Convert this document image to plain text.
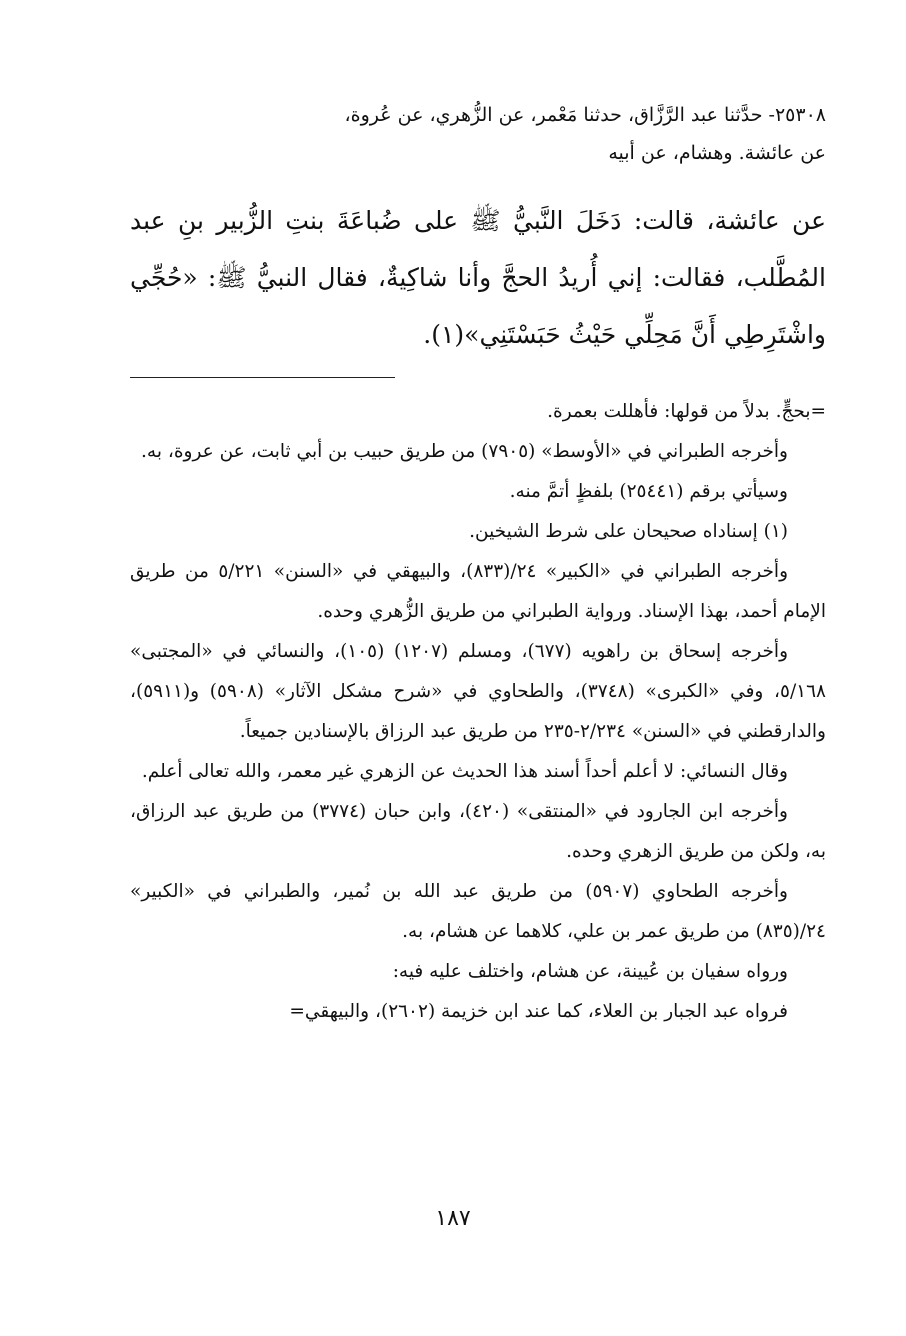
٢٥٣٠٨- حدَّثنا عبد الرَّزَّاق، حدثنا مَعْمر، عن الزُّهري، عن عُروة،

عن عائشة. وهشام، عن أبيه

عن عائشة، قالت: دَخَلَ النَّبيُّ ﷺ على ضُباعَةَ بنتِ الزُّبير بنِ عبد المُطَّلب، فقالت: إني أُريدُ الحجَّ وأنا شاكِيةٌ، فقال النبيُّ ﷺ: «حُجِّي واشْتَرِطِي أَنَّ مَحِلِّي حَيْثُ حَبَسْتَنِي»(١).

=بحجٍّ. بدلاً من قولها: فأهللت بعمرة.

وأخرجه الطبراني في «الأوسط» (٧٩٠٥) من طريق حبيب بن أبي ثابت، عن عروة، به.

وسيأتي برقم (٢٥٤٤١) بلفظٍ أتمَّ منه.

(١) إسناداه صحيحان على شرط الشيخين.

وأخرجه الطبراني في «الكبير» ٢٤/(٨٣٣)، والبيهقي في «السنن» ٥/٢٢١ من طريق الإمام أحمد، بهذا الإسناد. ورواية الطبراني من طريق الزُّهري وحده.

وأخرجه إسحاق بن راهويه (٦٧٧)، ومسلم (١٢٠٧) (١٠٥)، والنسائي في «المجتبى» ٥/١٦٨، وفي «الكبرى» (٣٧٤٨)، والطحاوي في «شرح مشكل الآثار» (٥٩٠٨) و(٥٩١١)، والدارقطني في «السنن» ٢/٢٣٤-٢٣٥ من طريق عبد الرزاق بالإسنادين جميعاً.

وقال النسائي: لا أعلم أحداً أسند هذا الحديث عن الزهري غير معمر، والله تعالى أعلم.

وأخرجه ابن الجارود في «المنتقى» (٤٢٠)، وابن حبان (٣٧٧٤) من طريق عبد الرزاق، به، ولكن من طريق الزهري وحده.

وأخرجه الطحاوي (٥٩٠٧) من طريق عبد الله بن نُمير، والطبراني في «الكبير» ٢٤/(٨٣٥) من طريق عمر بن علي، كلاهما عن هشام، به.

ورواه سفيان بن عُيينة، عن هشام، واختلف عليه فيه:

فرواه عبد الجبار بن العلاء، كما عند ابن خزيمة (٢٦٠٢)، والبيهقي=

١٨٧
